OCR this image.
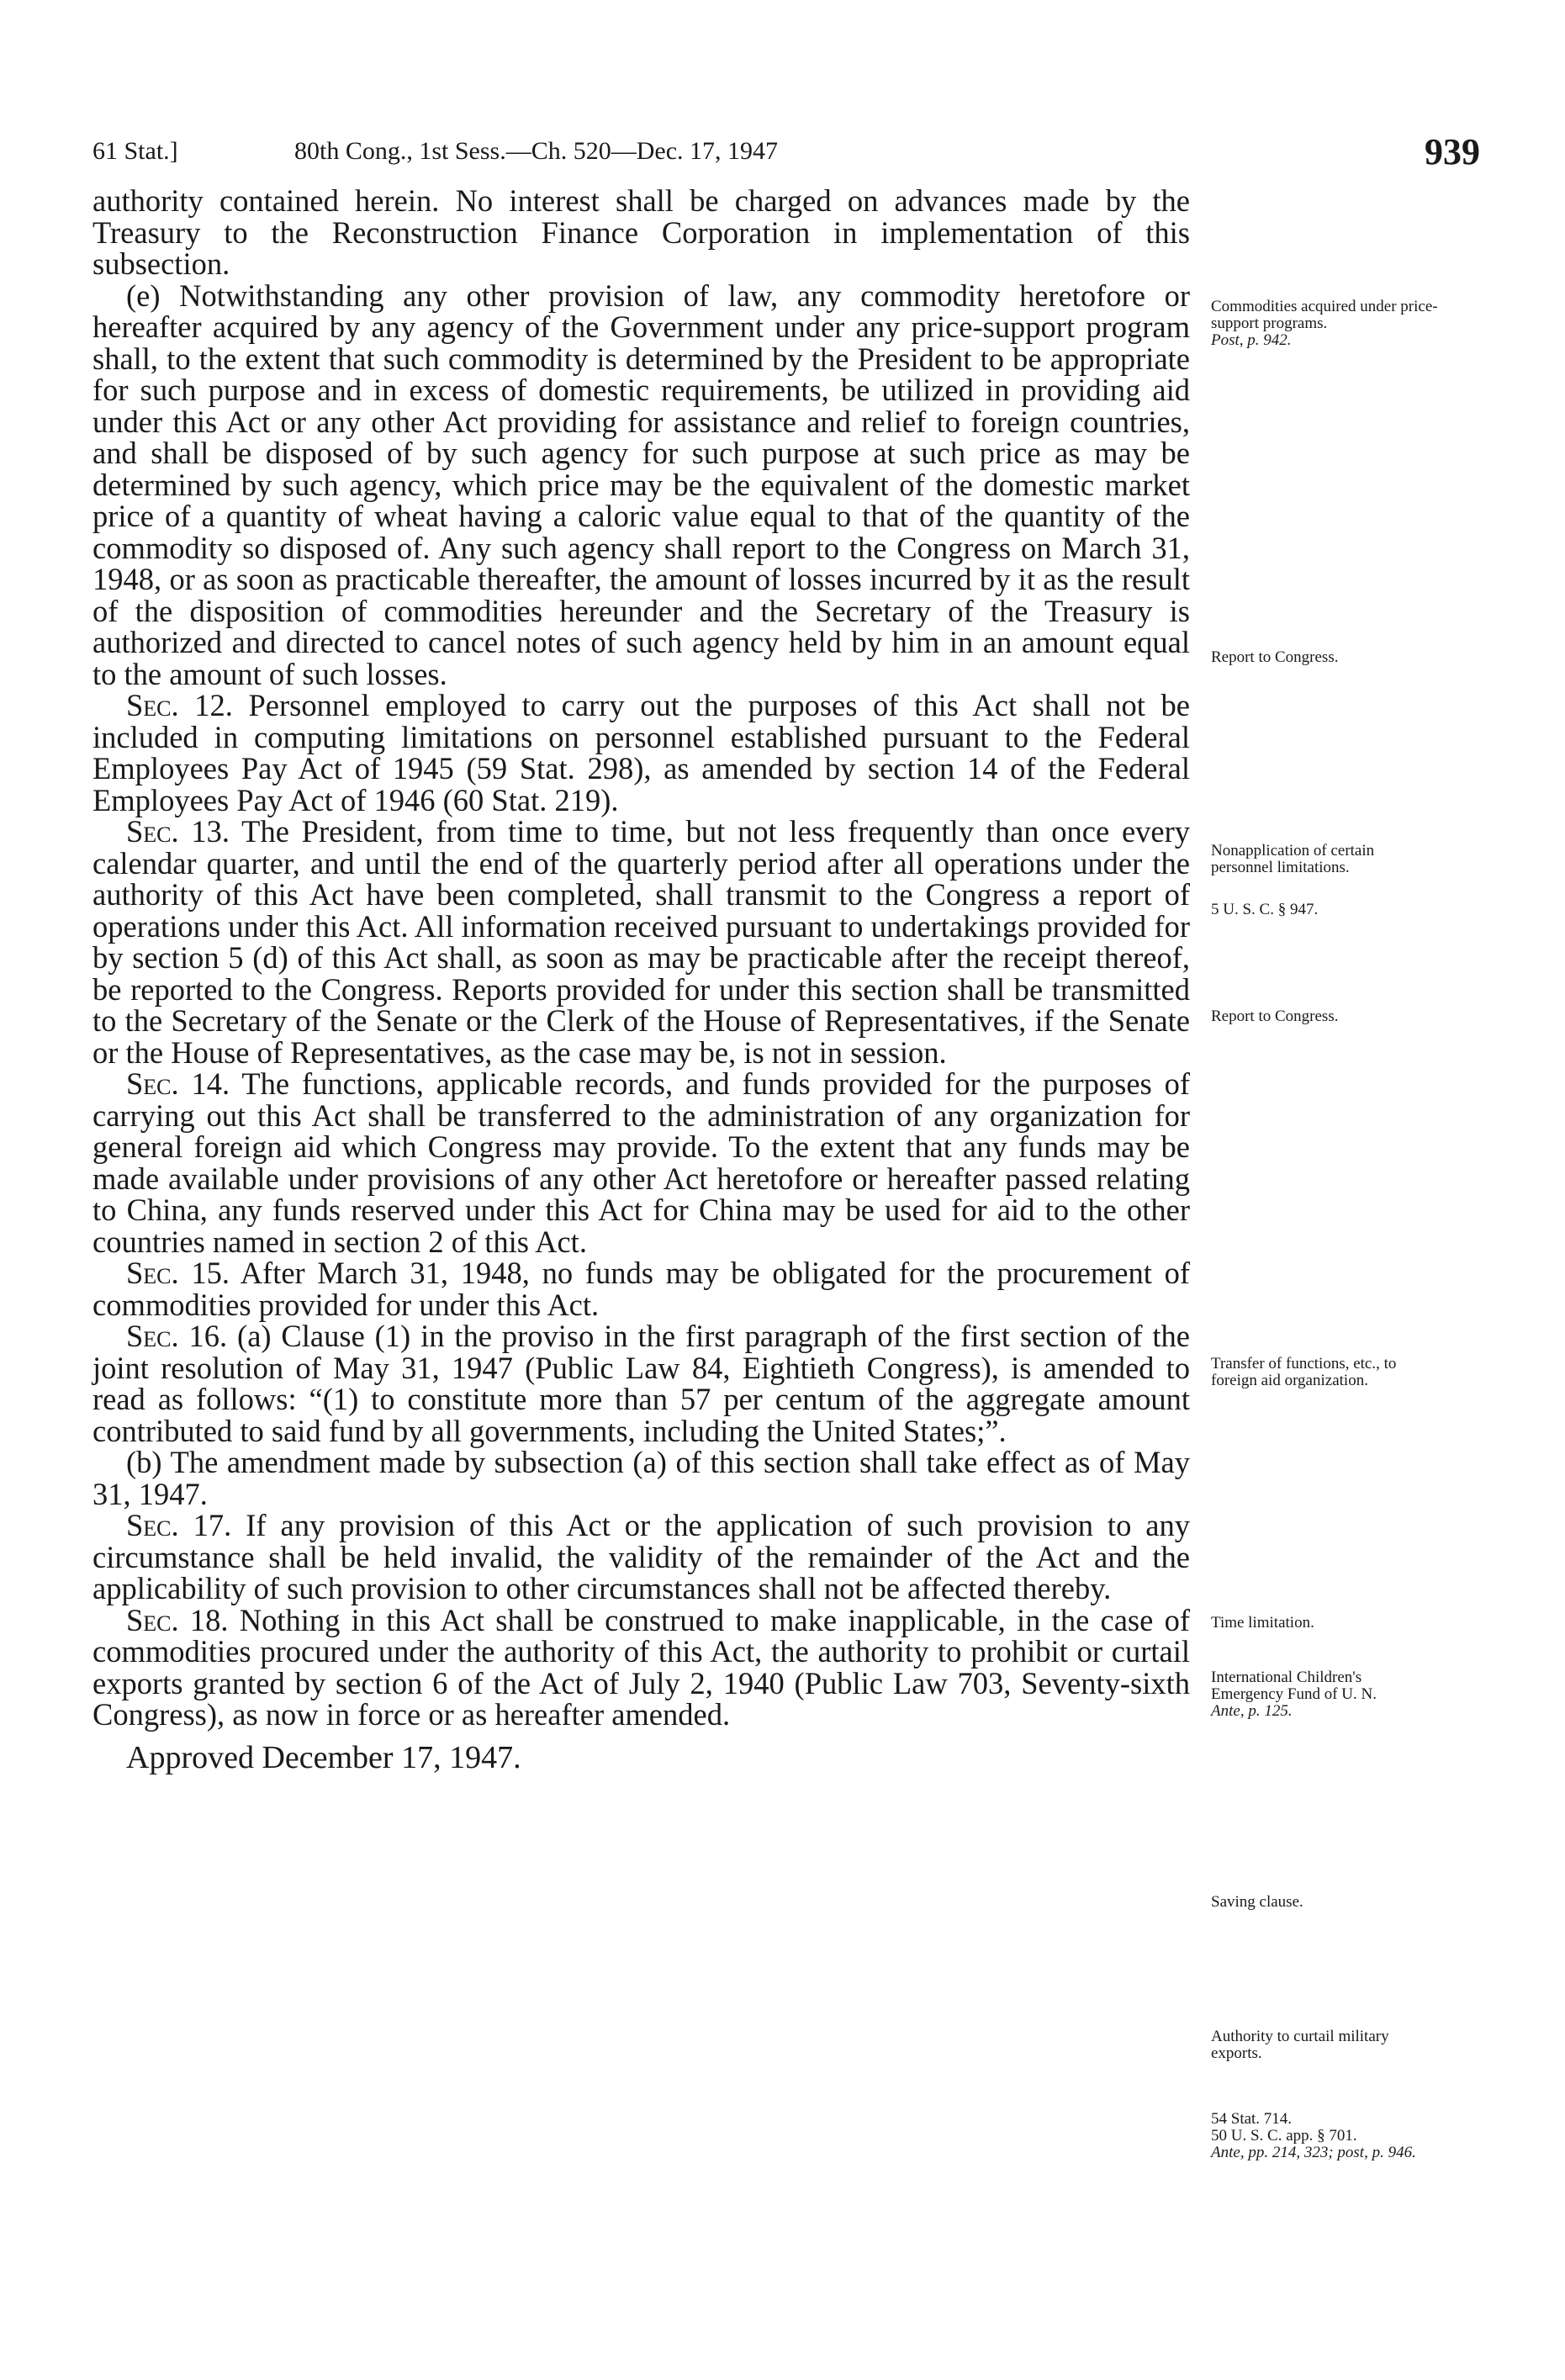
61 Stat.]	80th Cong., 1st Sess.—Ch. 520—Dec. 17, 1947	939

authority contained herein. No interest shall be charged on advances made by the Treasury to the Reconstruction Finance Corporation in implementation of this subsection.

(e) Notwithstanding any other provision of law, any commodity heretofore or hereafter acquired by any agency of the Government under any price-support program shall, to the extent that such commodity is determined by the President to be appropriate for such purpose and in excess of domestic requirements, be utilized in providing aid under this Act or any other Act providing for assistance and relief to foreign countries, and shall be disposed of by such agency for such purpose at such price as may be determined by such agency, which price may be the equivalent of the domestic market price of a quantity of wheat having a caloric value equal to that of the quantity of the commodity so disposed of. Any such agency shall report to the Congress on March 31, 1948, or as soon as practicable thereafter, the amount of losses incurred by it as the result of the disposition of commodities hereunder and the Secretary of the Treasury is authorized and directed to cancel notes of such agency held by him in an amount equal to the amount of such losses.

Sec. 12. Personnel employed to carry out the purposes of this Act shall not be included in computing limitations on personnel established pursuant to the Federal Employees Pay Act of 1945 (59 Stat. 298), as amended by section 14 of the Federal Employees Pay Act of 1946 (60 Stat. 219).

Sec. 13. The President, from time to time, but not less frequently than once every calendar quarter, and until the end of the quarterly period after all operations under the authority of this Act have been completed, shall transmit to the Congress a report of operations under this Act. All information received pursuant to undertakings provided for by section 5 (d) of this Act shall, as soon as may be practicable after the receipt thereof, be reported to the Congress. Reports provided for under this section shall be transmitted to the Secretary of the Senate or the Clerk of the House of Representatives, if the Senate or the House of Representatives, as the case may be, is not in session.

Sec. 14. The functions, applicable records, and funds provided for the purposes of carrying out this Act shall be transferred to the administration of any organization for general foreign aid which Congress may provide. To the extent that any funds may be made available under provisions of any other Act heretofore or hereafter passed relating to China, any funds reserved under this Act for China may be used for aid to the other countries named in section 2 of this Act.

Sec. 15. After March 31, 1948, no funds may be obligated for the procurement of commodities provided for under this Act.

Sec. 16. (a) Clause (1) in the proviso in the first paragraph of the first section of the joint resolution of May 31, 1947 (Public Law 84, Eightieth Congress), is amended to read as follows: “(1) to constitute more than 57 per centum of the aggregate amount contributed to said fund by all governments, including the United States;”.

(b) The amendment made by subsection (a) of this section shall take effect as of May 31, 1947.

Sec. 17. If any provision of this Act or the application of such provision to any circumstance shall be held invalid, the validity of the remainder of the Act and the applicability of such provision to other circumstances shall not be affected thereby.

Sec. 18. Nothing in this Act shall be construed to make inapplicable, in the case of commodities procured under the authority of this Act, the authority to prohibit or curtail exports granted by section 6 of the Act of July 2, 1940 (Public Law 703, Seventy-sixth Congress), as now in force or as hereafter amended.

Approved December 17, 1947.

Commodities acquired under price-support programs.
Post, p. 942.
Report to Congress.
Nonapplication of certain personnel limitations.
5 U. S. C. § 947.
Report to Congress.
Transfer of functions, etc., to foreign aid organization.
Time limitation.
International Children's Emergency Fund of U. N.
Ante, p. 125.
Saving clause.
Authority to curtail military exports.
54 Stat. 714.
50 U. S. C. app. § 701.
Ante, pp. 214, 323; post, p. 946.
